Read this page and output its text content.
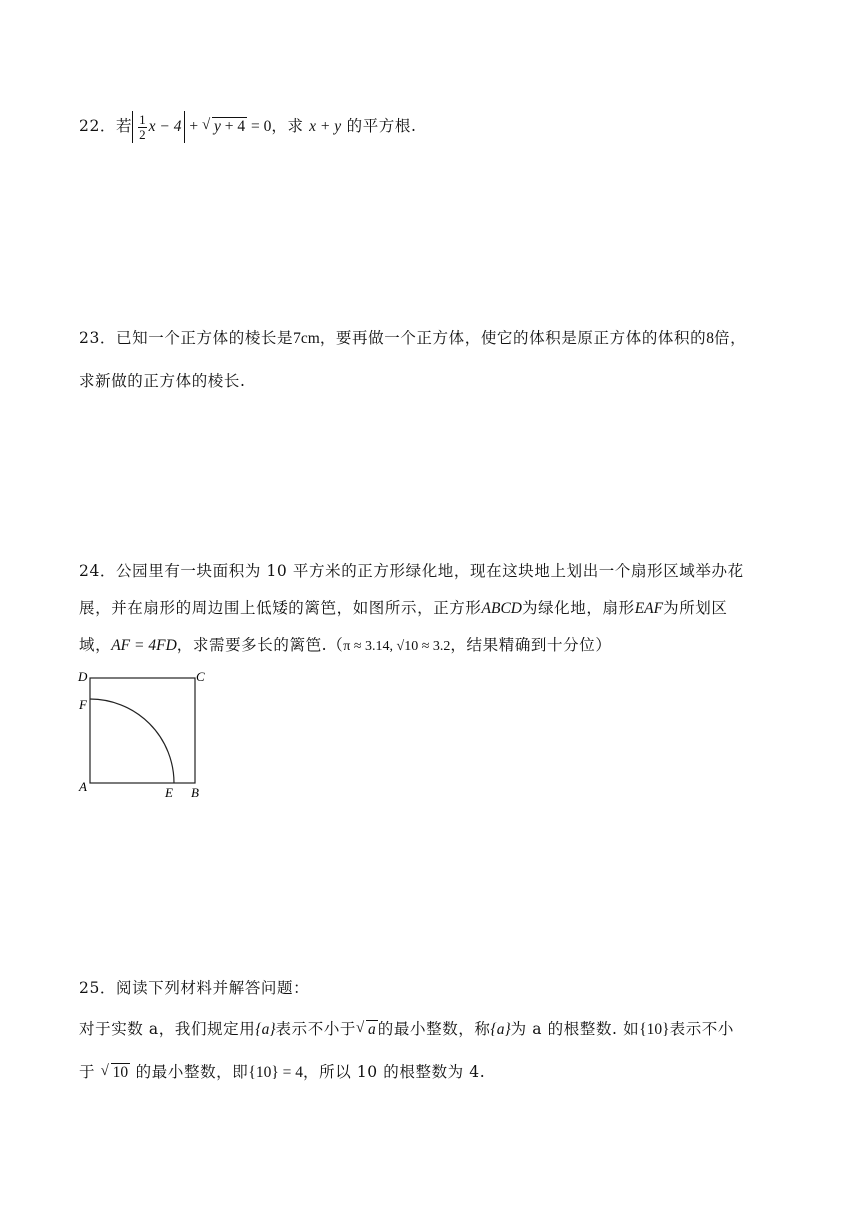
22．若 $\frac{1}{2}$ x − 4 + √ y + 4 = 0，求 x + y 的平方根.
23．已知一个正方体的棱长是7cm，要再做一个正方体，使它的体积是原正方体的体积的8倍，
求新做的正方体的棱长.
24．公园里有一块面积为 10 平方米的正方形绿化地，现在这块地上划出一个扇形区域举办花
展，并在扇形的周边围上低矮的篱笆，如图所示，正方形ABCD为绿化地，扇形EAF为所划区
域，AF = 4FD，求需要多长的篱笆.（π ≈ 3.14, √10 ≈ 3.2，结果精确到十分位）
D	C
F
A	E B
25．阅读下列材料并解答问题：
对于实数 a，我们规定用{a}表示不小于 √ a 的最小整数，称{a}为 a 的根整数. 如{10}表示不小
于 √ 10 的最小整数，即{10} = 4，所以 10 的根整数为 4.
